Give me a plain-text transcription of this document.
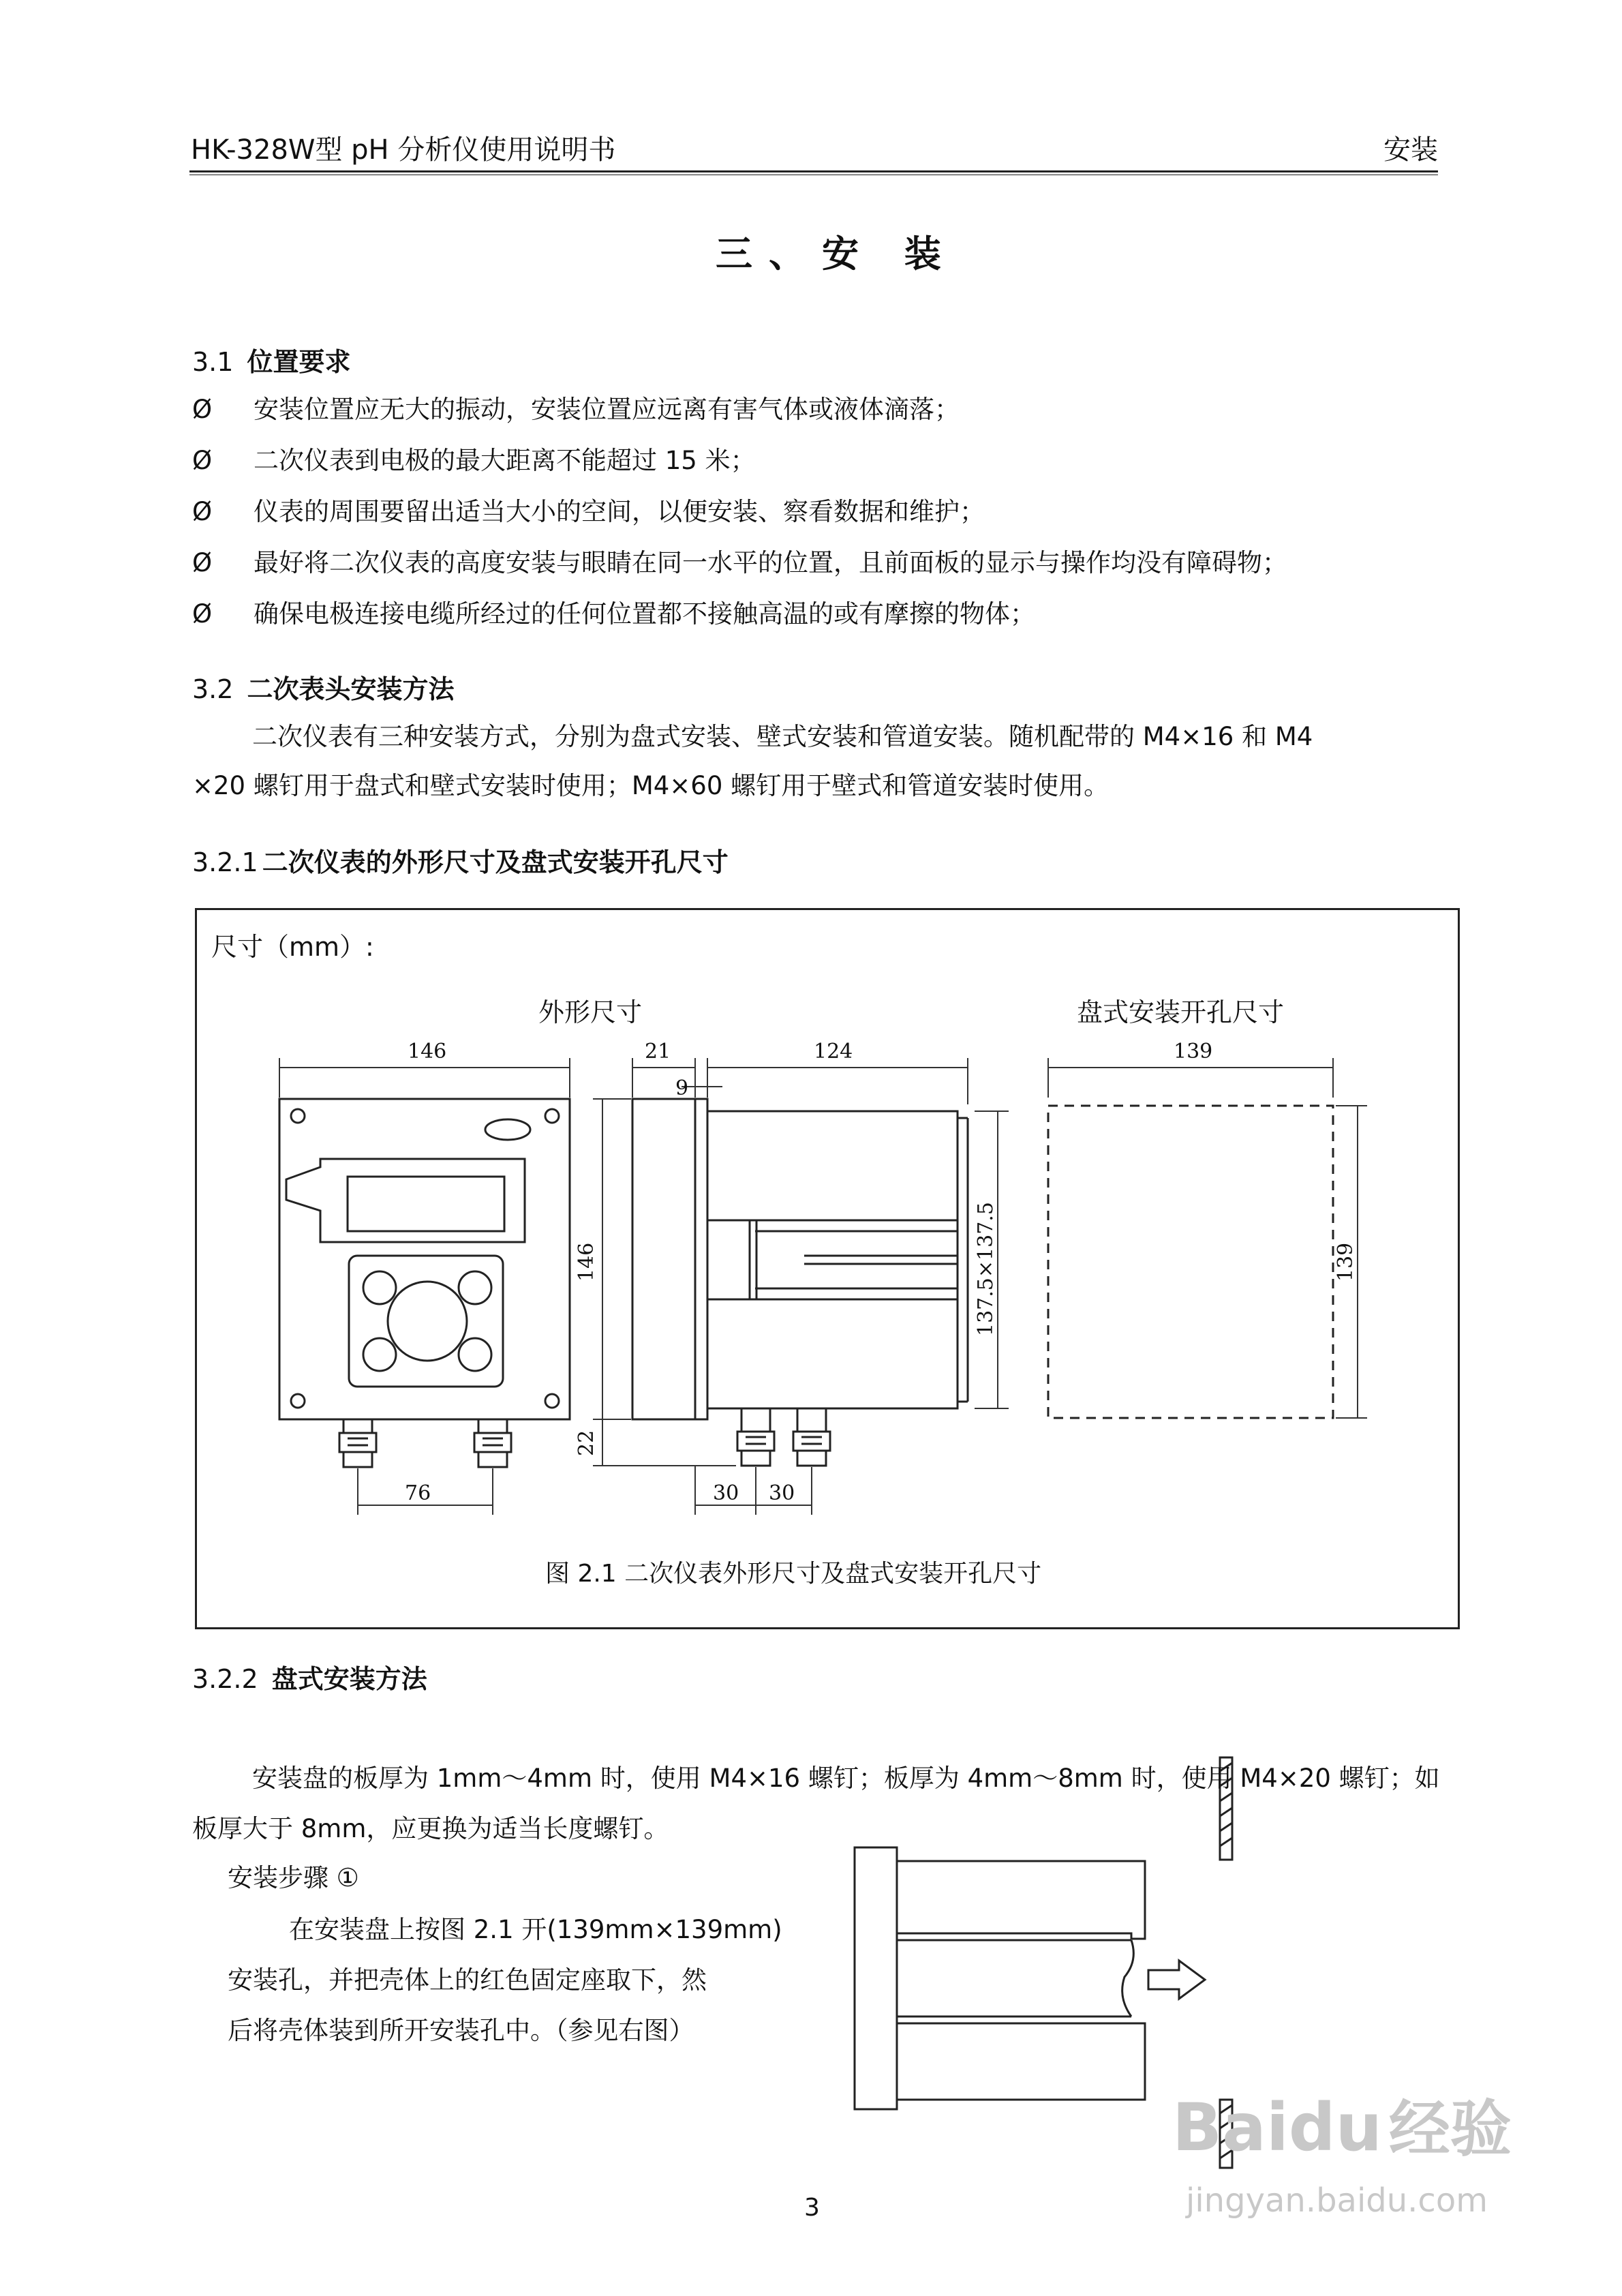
HK-328W型 pH 分析仪使用说明书	安装
三、安 装
3.1 位置要求
Ø 安装位置应无大的振动，安装位置应远离有害气体或液体滴落；
Ø 二次仪表到电极的最大距离不能超过 15 米；
Ø 仪表的周围要留出适当大小的空间，以便安装、察看数据和维护；
Ø 最好将二次仪表的高度安装与眼睛在同一水平的位置，且前面板的显示与操作均没有障碍物；
Ø 确保电极连接电缆所经过的任何位置都不接触高温的或有摩擦的物体；
3.2 二次表头安装方法
二次仪表有三种安装方式，分别为盘式安装、壁式安装和管道安装。随机配带的 M4×16 和 M4
×20 螺钉用于盘式和壁式安装时使用；M4×60 螺钉用于壁式和管道安装时使用。
3.2.1 二次仪表的外形尺寸及盘式安装开孔尺寸
尺寸（mm）:
外形尺寸	盘式安装开孔尺寸
146	21
9
124	139
146
22
137.5×137.5	139
76	30 30
图 2.1 二次仪表外形尺寸及盘式安装开孔尺寸
3.2.2 盘式安装方法
安装盘的板厚为 1mm～4mm 时，使用 M4×16 螺钉；板厚为 4mm～8mm 时，使用 M4×20 螺钉；如
板厚大于 8mm，应更换为适当长度螺钉。
安装步骤 ①
在安装盘上按图 2.1 开(139mm×139mm)
安装孔，并把壳体上的红色固定座取下，然
后将壳体装到所开安装孔中。（参见右图）
3
Baidu 经验
jingyan.baidu.com
